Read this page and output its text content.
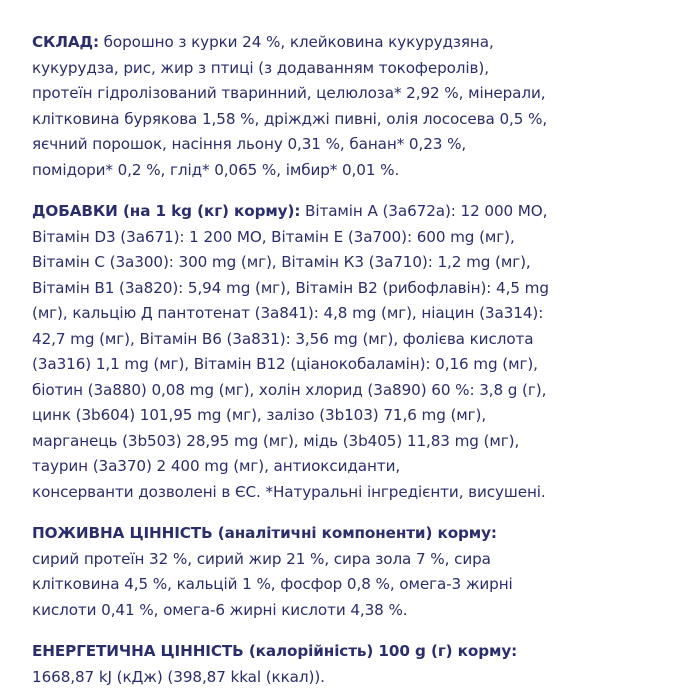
СКЛАД: борошно з курки 24 %, клейковина кукурудзяна,
кукурудза, рис, жир з птиці (з додаванням токоферолів),
протеїн гідролізований тваринний, целюлоза* 2,92 %, мінерали,
клітковина бурякова 1,58 %, дріжджі пивні, олія лососева 0,5 %,
яєчний порошок, насіння льону 0,31 %, банан* 0,23 %,
помідори* 0,2 %, глід* 0,065 %, імбир* 0,01 %.
ДОБАВКИ (на 1 kg (кг) корму): Вітамін А (3а672а): 12 000 МО,
Вітамін D3 (3а671): 1 200 МО, Вітамін Е (3а700): 600 mg (мг),
Вітамін С (3а300): 300 mg (мг), Вітамін К3 (3а710): 1,2 mg (мг),
Вітамін В1 (3а820): 5,94 mg (мг), Вітамін В2 (рибофлавін): 4,5 mg
(мг), кальцію Д пантотенат (3а841): 4,8 mg (мг), ніацин (3а314):
42,7 mg (мг), Вітамін В6 (3а831): 3,56 mg (мг), фолієва кислота
(3а316) 1,1 mg (мг), Вітамін В12 (ціанокобаламін): 0,16 mg (мг),
біотин (3а880) 0,08 mg (мг), холін хлорид (3а890) 60 %: 3,8 g (г),
цинк (3b604) 101,95 mg (мг), залізо (3b103) 71,6 mg (мг),
марганець (3b503) 28,95 mg (мг), мідь (3b405) 11,83 mg (мг),
таурин (3а370) 2 400 mg (мг), антиоксиданти,
консерванти дозволені в ЄС. *Натуральні інгредієнти, висушені.
ПОЖИВНА ЦІННІСТЬ (аналітичні компоненти) корму:
сирий протеїн 32 %, сирий жир 21 %, сира зола 7 %, сира
клітковина 4,5 %, кальцій 1 %, фосфор 0,8 %, омега-3 жирні
кислоти 0,41 %, омега-6 жирні кислоти 4,38 %.
ЕНЕРГЕТИЧНА ЦІННІСТЬ (калорійність) 100 g (г) корму:
1668,87 kJ (кДж) (398,87 kkal (ккал)).
